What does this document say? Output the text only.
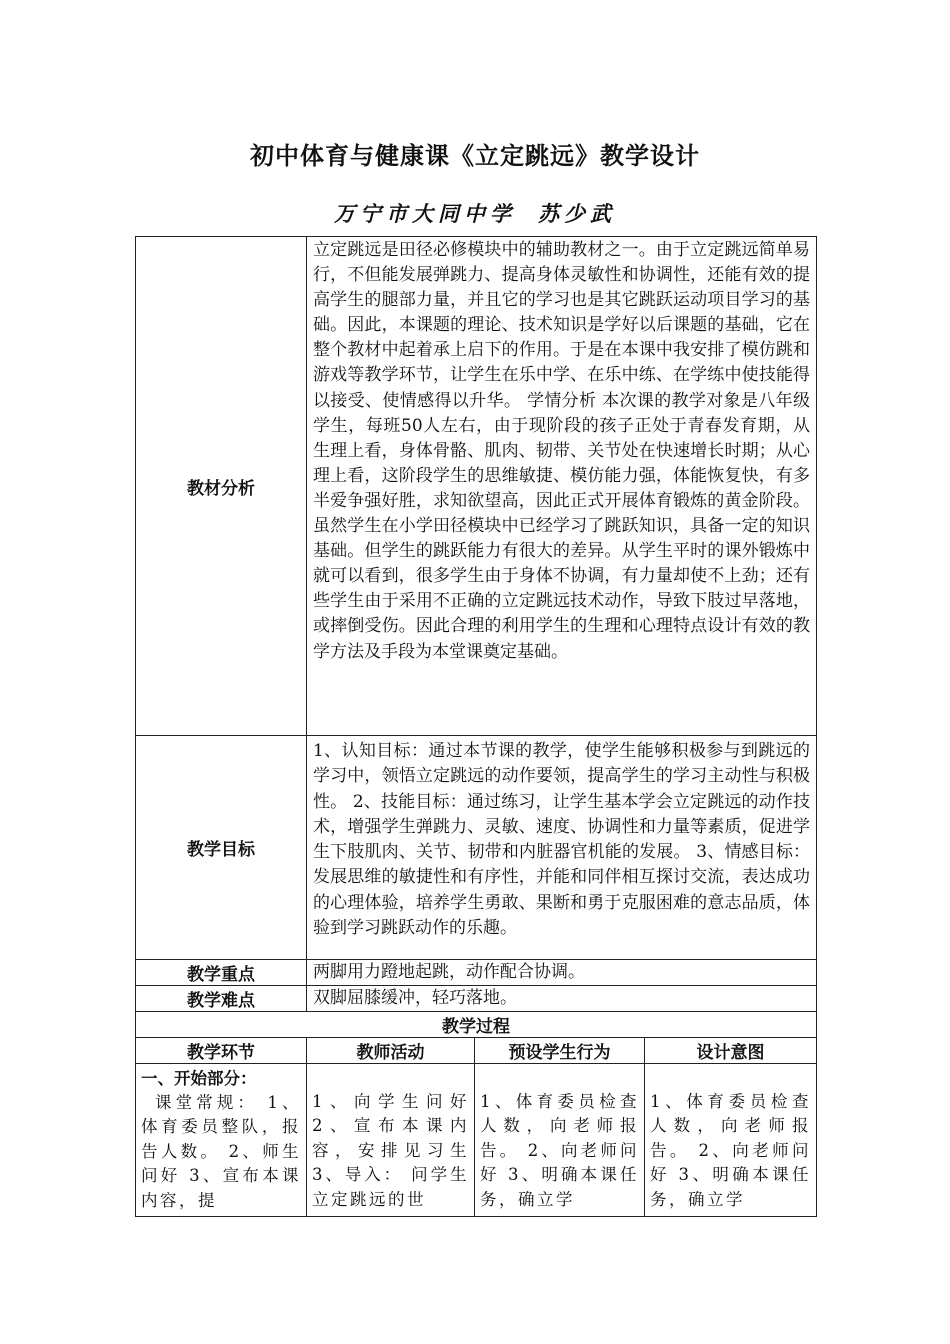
初中体育与健康课《立定跳远》教学设计
万宁市大同中学 苏少武
教材分析	立定跳远是田径必修模块中的辅助教材之一。由于立定跳远简单易行，不但能发展弹跳力、提高身体灵敏性和协调性，还能有效的提高学生的腿部力量，并且它的学习也是其它跳跃运动项目学习的基础。因此，本课题的理论、技术知识是学好以后课题的基础，它在整个教材中起着承上启下的作用。于是在本课中我安排了模仿跳和游戏等教学环节，让学生在乐中学、在乐中练、在学练中使技能得以接受、使情感得以升华。 学情分析 本次课的教学对象是八年级学生，每班50人左右，由于现阶段的孩子正处于青春发育期，从生理上看，身体骨骼、肌肉、韧带、关节处在快速增长时期；从心理上看，这阶段学生的思维敏捷、模仿能力强，体能恢复快，有多半爱争强好胜，求知欲望高，因此正式开展体育锻炼的黄金阶段。虽然学生在小学田径模块中已经学习了跳跃知识，具备一定的知识基础。但学生的跳跃能力有很大的差异。从学生平时的课外锻炼中就可以看到，很多学生由于身体不协调，有力量却使不上劲；还有些学生由于采用不正确的立定跳远技术动作，导致下肢过早落地，或摔倒受伤。因此合理的利用学生的生理和心理特点设计有效的教学方法及手段为本堂课奠定基础。		
教学目标	1、认知目标：通过本节课的教学，使学生能够积极参与到跳远的学习中，领悟立定跳远的动作要领，提高学生的学习主动性与积极性。 2、技能目标：通过练习，让学生基本学会立定跳远的动作技术，增强学生弹跳力、灵敏、速度、协调性和力量等素质，促进学生下肢肌肉、关节、韧带和内脏器官机能的发展。 3、情感目标：发展思维的敏捷性和有序性，并能和同伴相互探讨交流，表达成功的心理体验，培养学生勇敢、果断和勇于克服困难的意志品质，体验到学习跳跃动作的乐趣。		
教学重点	两脚用力蹬地起跳，动作配合协调。		
教学难点	双脚屈膝缓冲，轻巧落地。		
教学过程			
教学环节	教师活动	预设学生行为	设计意图

一、开始部分：
课堂常规： 1、体育委员整队，报告人数。 2、师生问好 3、宣布本课内容，提	1、向学生问好 2、宣布本课内容，安排见习生 3、导入： 问学生立定跳远的世	1、体育委员检查人数，向老师报告。 2、向老师问好 3、明确本课任务，确立学	1、体育委员检查人数，向老师报告。 2、向老师问好 3、明确本课任务，确立学
